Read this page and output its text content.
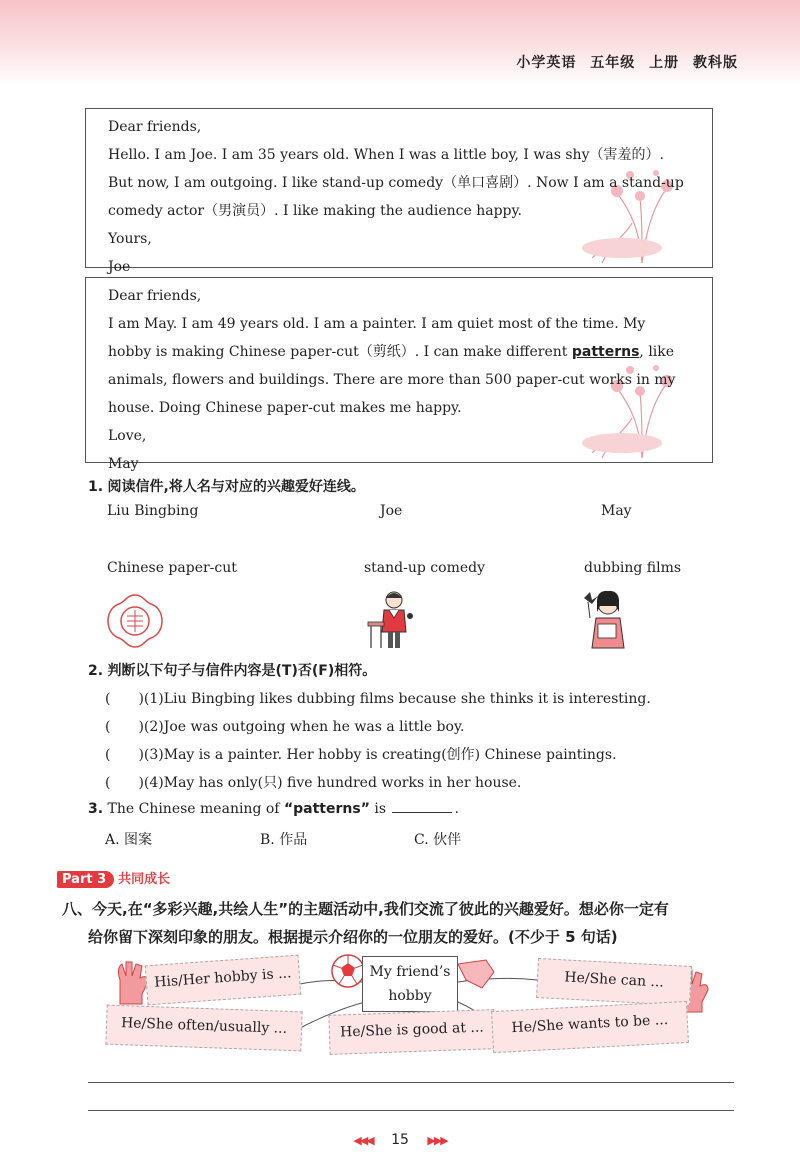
小学英语 五年级 上册 教科版

Dear friends,

Hello. I am Joe. I am 35 years old. When I was a little boy, I was shy（害羞的）.

But now, I am outgoing. I like stand-up comedy（单口喜剧）. Now I am a stand-up

comedy actor（男演员）. I like making the audience happy.

Yours,

Joe

Dear friends,

I am May. I am 49 years old. I am a painter. I am quiet most of the time. My

hobby is making Chinese paper-cut（剪纸）. I can make different patterns, like

animals, flowers and buildings. There are more than 500 paper-cut works in my

house. Doing Chinese paper-cut makes me happy.

Love,

May

1. 阅读信件,将人名与对应的兴趣爱好连线。
Liu Bingbing	Joe	May
Chinese paper-cut	stand-up comedy	dubbing films
2. 判断以下句子与信件内容是(T)否(F)相符。
(　　)(1)Liu Bingbing likes dubbing films because she thinks it is interesting.
(　　)(2)Joe was outgoing when he was a little boy.
(　　)(3)May is a painter. Her hobby is creating(创作) Chinese paintings.
(　　)(4)May has only(只) five hundred works in her house.
3. The Chinese meaning of “patterns” is	.
A. 图案	B. 作品	C. 伙伴
Part 3 共同成长
八、今天,在“多彩兴趣,共绘人生”的主题活动中,我们交流了彼此的兴趣爱好。想必你一定有
给你留下深刻印象的朋友。根据提示介绍你的一位朋友的爱好。(不少于 5 句话)
His/Her hobby is ...	My friend’s
hobby
He/She can ...
He/She often/usually ...	He/She is good at ...	He/She wants to be ...
◀◀◀ 15 ▶▶▶
